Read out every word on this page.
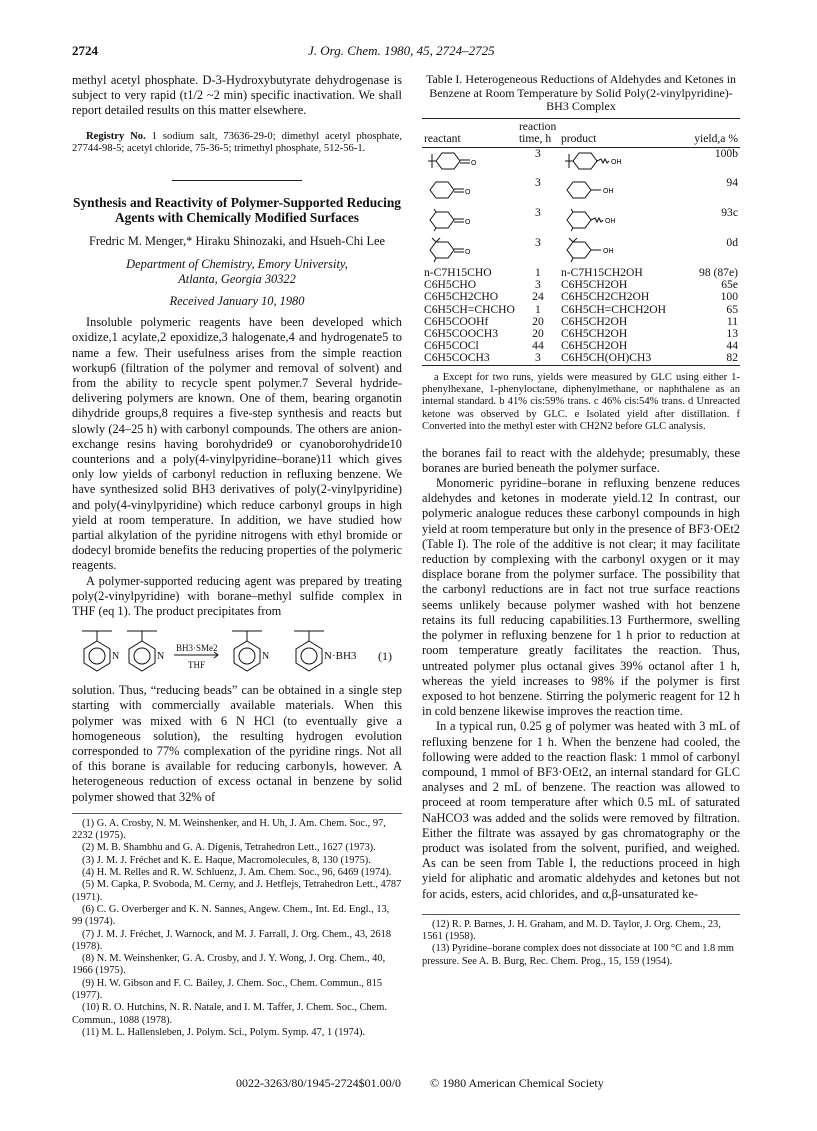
2724	J. Org. Chem. 1980, 45, 2724–2725

methyl acetyl phosphate. D-3-Hydroxybutyrate dehydrogenase is subject to very rapid (t1/2 ~2 min) specific inactivation. We shall report detailed results on this matter elsewhere.

Registry No. 1 sodium salt, 73636-29-0; dimethyl acetyl phosphate, 27744-98-5; acetyl chloride, 75-36-5; trimethyl phosphate, 512-56-1.

Synthesis and Reactivity of Polymer-Supported Reducing Agents with Chemically Modified Surfaces
Fredric M. Menger,* Hiraku Shinozaki, and Hsueh-Chi Lee
Department of Chemistry, Emory University,
Atlanta, Georgia 30322
Received January 10, 1980

Insoluble polymeric reagents have been developed which oxidize,1 acylate,2 epoxidize,3 halogenate,4 and hydrogenate5 to name a few. Their usefulness arises from the simple reaction workup6 (filtration of the polymer and removal of solvent) and from the ability to recycle spent polymer.7 Several hydride-delivering polymers are known. One of them, bearing organotin dihydride groups,8 requires a five-step synthesis and reacts but slowly (24–25 h) with carbonyl compounds. The others are anion-exchange resins having borohydride9 or cyanoborohydride10 counterions and a poly(4-vinylpyridine–borane)11 which gives only low yields of carbonyl reduction in refluxing benzene. We have synthesized solid BH3 derivatives of poly(2-vinylpyridine) and poly(4-vinylpyridine) which reduce carbonyl groups in high yield at room temperature. In addition, we have studied how partial alkylation of the pyridine nitrogens with ethyl bromide or dodecyl bromide benefits the reducing properties of the polymeric reagents.

A polymer-supported reducing agent was prepared by treating poly(2-vinylpyridine) with borane–methyl sulfide complex in THF (eq 1). The product precipitates from

N	N	N
BH3·SMe2
THF
N·BH3 (1)

solution. Thus, “reducing beads” can be obtained in a single step starting with commercially available materials. When this polymer was mixed with 6 N HCl (to eventually give a homogeneous solution), the resulting hydrogen evolution corresponded to 77% complexation of the pyridine rings. Not all of this borane is available for reducing carbonyls, however. A heterogeneous reduction of excess octanal in benzene by solid polymer showed that 32% of

(1) G. A. Crosby, N. M. Weinshenker, and H. Uh, J. Am. Chem. Soc., 97, 2232 (1975).
(2) M. B. Shambhu and G. A. Digenis, Tetrahedron Lett., 1627 (1973).
(3) J. M. J. Fréchet and K. E. Haque, Macromolecules, 8, 130 (1975).
(4) H. M. Relles and R. W. Schluenz, J. Am. Chem. Soc., 96, 6469 (1974).
(5) M. Capka, P. Svoboda, M. Cerny, and J. Hetflejs, Tetrahedron Lett., 4787 (1971).
(6) C. G. Overberger and K. N. Sannes, Angew. Chem., Int. Ed. Engl., 13, 99 (1974).
(7) J. M. J. Fréchet, J. Warnock, and M. J. Farrall, J. Org. Chem., 43, 2618 (1978).
(8) N. M. Weinshenker, G. A. Crosby, and J. Y. Wong, J. Org. Chem., 40, 1966 (1975).
(9) H. W. Gibson and F. C. Bailey, J. Chem. Soc., Chem. Commun., 815 (1977).
(10) R. O. Hutchins, N. R. Natale, and I. M. Taffer, J. Chem. Soc., Chem. Commun., 1088 (1978).
(11) M. L. Hallensleben, J. Polym. Sci., Polym. Symp. 47, 1 (1974).
Table I. Heterogeneous Reductions of Aldehydes and Ketones in Benzene at Room Temperature by Solid Poly(2-vinylpyridine)-BH3 Complex
reactant	reaction time, h	product	yield,a %

O	3	OH	100b

O	3	OH	94

O	3	OH	93c

O	3	OH	0d
n-C7H15CHO	1	n-C7H15CH2OH	98 (87e)
C6H5CHO	3	C6H5CH2OH	65e
C6H5CH2CHO	24	C6H5CH2CH2OH	100
C6H5CH=CHCHO	1	C6H5CH=CHCH2OH	65
C6H5COOHf	20	C6H5CH2OH	11
C6H5COOCH3	20	C6H5CH2OH	13
C6H5COCl	44	C6H5CH2OH	44
C6H5COCH3	3	C6H5CH(OH)CH3	82

a Except for two runs, yields were measured by GLC using either 1-phenylhexane, 1-phenyloctane, diphenylmethane, or naphthalene as an internal standard. b 41% cis:59% trans. c 46% cis:54% trans. d Unreacted ketone was observed by GLC. e Isolated yield after distillation. f Converted into the methyl ester with CH2N2 before GLC analysis.

the boranes fail to react with the aldehyde; presumably, these boranes are buried beneath the polymer surface.

Monomeric pyridine–borane in refluxing benzene reduces aldehydes and ketones in moderate yield.12 In contrast, our polymeric analogue reduces these carbonyl compounds in high yield at room temperature but only in the presence of BF3·OEt2 (Table I). The role of the additive is not clear; it may facilitate reduction by complexing with the carbonyl oxygen or it may displace borane from the polymer surface. The possibility that the carbonyl reductions are in fact not true surface reactions seems unlikely because polymer washed with hot benzene retains its full reducing capabilities.13 Furthermore, swelling the polymer in refluxing benzene for 1 h prior to reduction at room temperature greatly facilitates the reaction. Thus, untreated polymer plus octanal gives 39% octanol after 1 h, whereas the yield increases to 98% if the polymer is first exposed to hot benzene. Stirring the polymeric reagent for 12 h in cold benzene likewise improves the reaction time.

In a typical run, 0.25 g of polymer was heated with 3 mL of refluxing benzene for 1 h. When the benzene had cooled, the following were added to the reaction flask: 1 mmol of carbonyl compound, 1 mmol of BF3·OEt2, an internal standard for GLC analyses and 2 mL of benzene. The reaction was allowed to proceed at room temperature after which 0.5 mL of saturated NaHCO3 was added and the solids were removed by filtration. Either the filtrate was assayed by gas chromatography or the product was isolated from the solvent, purified, and weighed. As can be seen from Table I, the reductions proceed in high yield for aliphatic and aromatic aldehydes and ketones but not for acids, esters, acid chlorides, and α,β-unsaturated ke-

(12) R. P. Barnes, J. H. Graham, and M. D. Taylor, J. Org. Chem., 23, 1561 (1958).
(13) Pyridine–borane complex does not dissociate at 100 °C and 1.8 mm pressure. See A. B. Burg, Rec. Chem. Prog., 15, 159 (1954).
0022-3263/80/1945-2724$01.00/0 © 1980 American Chemical Society
